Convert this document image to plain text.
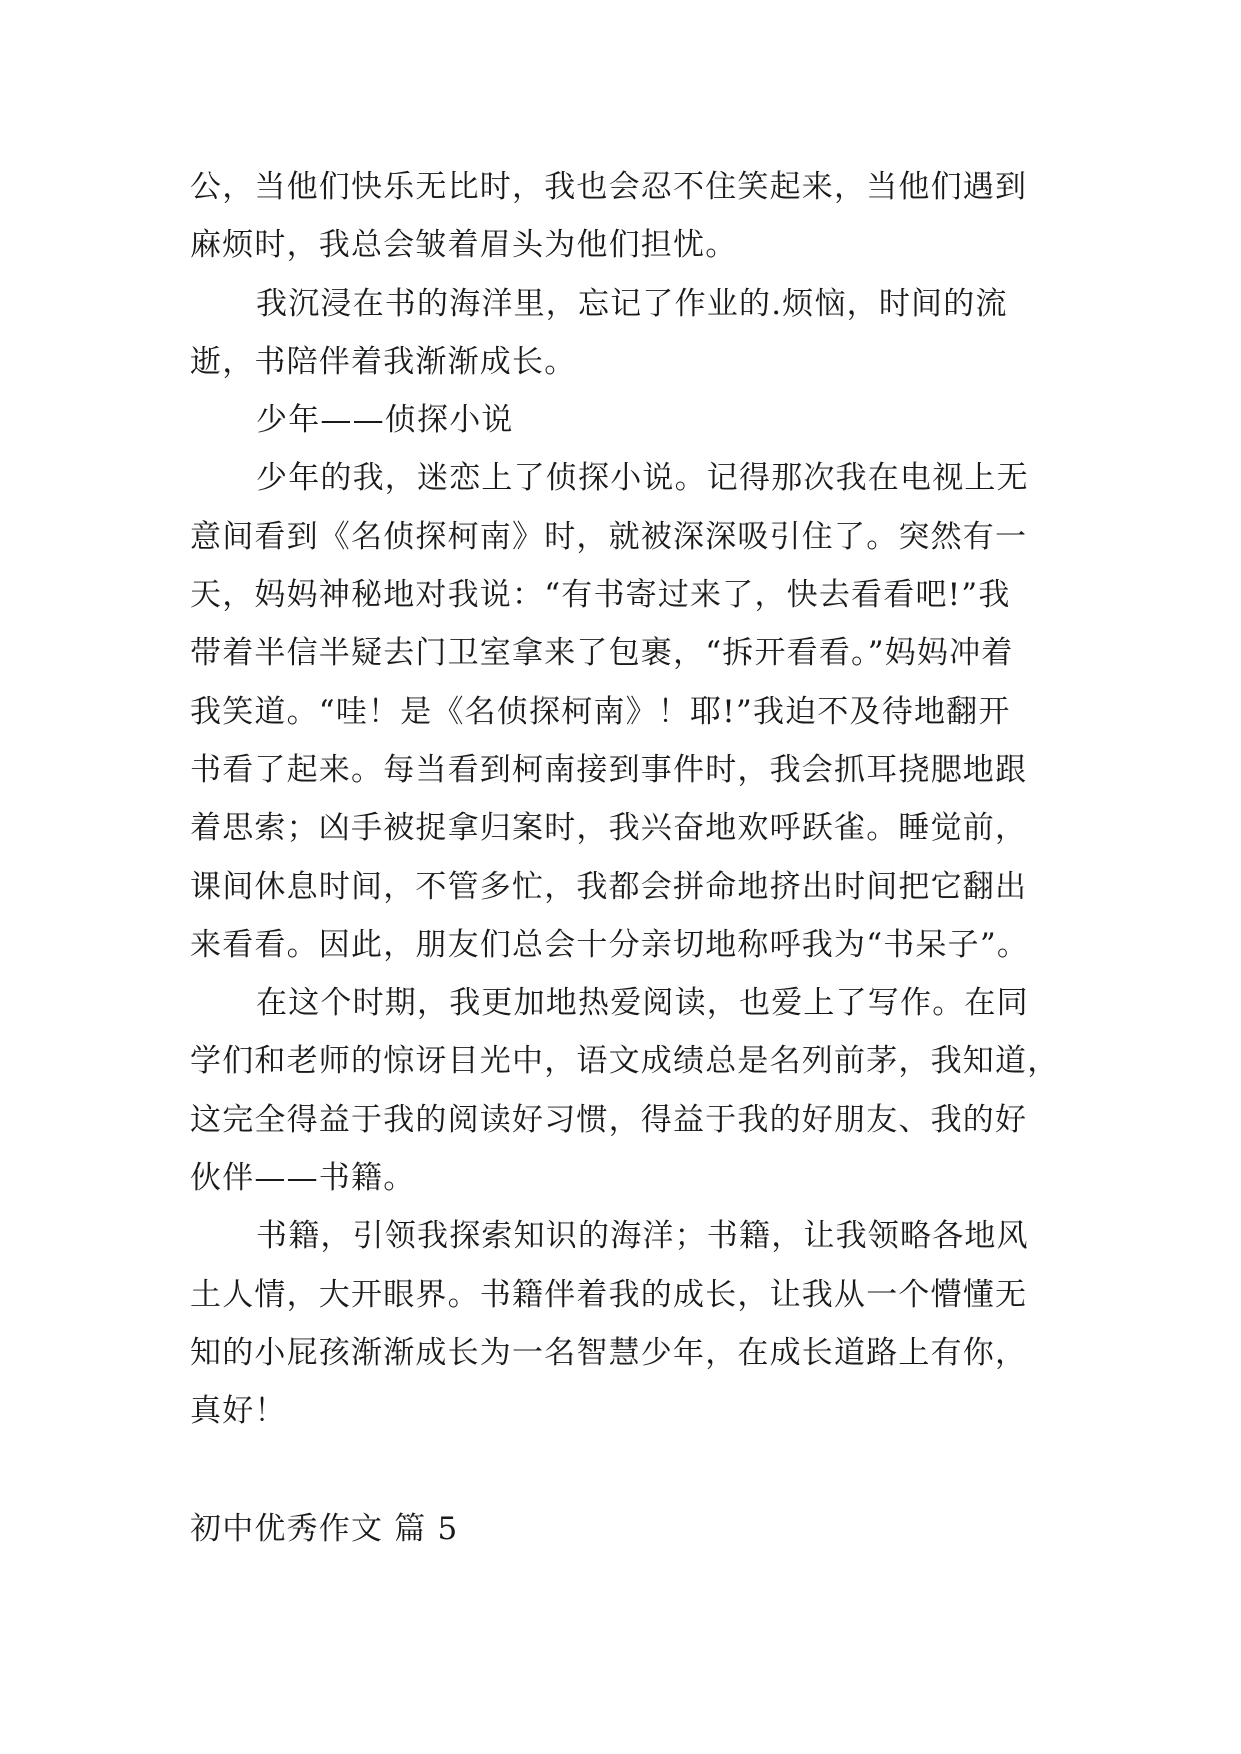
公，当他们快乐无比时，我也会忍不住笑起来，当他们遇到
麻烦时，我总会皱着眉头为他们担忧。
我沉浸在书的海洋里，忘记了作业的.烦恼，时间的流
逝，书陪伴着我渐渐成长。
少年——侦探小说
少年的我，迷恋上了侦探小说。记得那次我在电视上无
意间看到《名侦探柯南》时，就被深深吸引住了。突然有一
天，妈妈神秘地对我说：“有书寄过来了，快去看看吧!”我
带着半信半疑去门卫室拿来了包裹，“拆开看看。”妈妈冲着
我笑道。“哇！是《名侦探柯南》！耶!”我迫不及待地翻开
书看了起来。每当看到柯南接到事件时，我会抓耳挠腮地跟
着思索；凶手被捉拿归案时，我兴奋地欢呼跃雀。睡觉前，
课间休息时间，不管多忙，我都会拼命地挤出时间把它翻出
来看看。因此，朋友们总会十分亲切地称呼我为“书呆子”。
在这个时期，我更加地热爱阅读，也爱上了写作。在同
学们和老师的惊讶目光中，语文成绩总是名列前茅，我知道，
这完全得益于我的阅读好习惯，得益于我的好朋友、我的好
伙伴——书籍。
书籍，引领我探索知识的海洋；书籍，让我领略各地风
土人情，大开眼界。书籍伴着我的成长，让我从一个懵懂无
知的小屁孩渐渐成长为一名智慧少年，在成长道路上有你，
真好！
初中优秀作文 篇 5
